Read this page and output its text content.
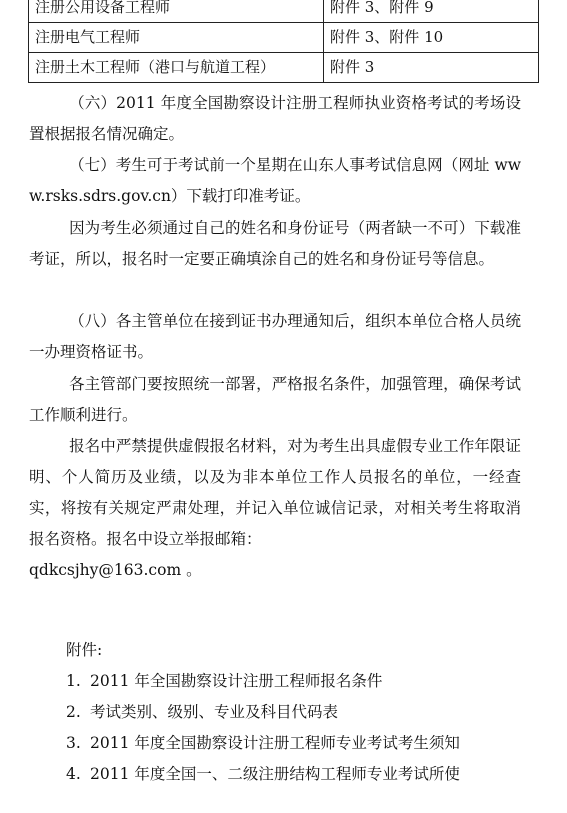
注册公用设备工程师	附件 3、附件 9
注册电气工程师	附件 3、附件 10
注册土木工程师（港口与航道工程）	附件 3

（六）2011 年度全国勘察设计注册工程师执业资格考试的考场设置根据报名情况确定。

（七）考生可于考试前一个星期在山东人事考试信息网（网址 www.rsks.sdrs.gov.cn）下载打印准考证。

因为考生必须通过自己的姓名和身份证号（两者缺一不可）下载准考证，所以，报名时一定要正确填涂自己的姓名和身份证号等信息。

（八）各主管单位在接到证书办理通知后，组织本单位合格人员统一办理资格证书。

各主管部门要按照统一部署，严格报名条件，加强管理，确保考试工作顺利进行。

报名中严禁提供虚假报名材料，对为考生出具虚假专业工作年限证明、个人简历及业绩，以及为非本单位工作人员报名的单位，一经查实，将按有关规定严肃处理，并记入单位诚信记录，对相关考生将取消报名资格。报名中设立举报邮箱：
qdkcsjhy@163.com 。

附件:

1. 2011 年全国勘察设计注册工程师报名条件
2. 考试类别、级别、专业及科目代码表
3. 2011 年度全国勘察设计注册工程师专业考试考生须知
4. 2011 年度全国一、二级注册结构工程师专业考试所使
